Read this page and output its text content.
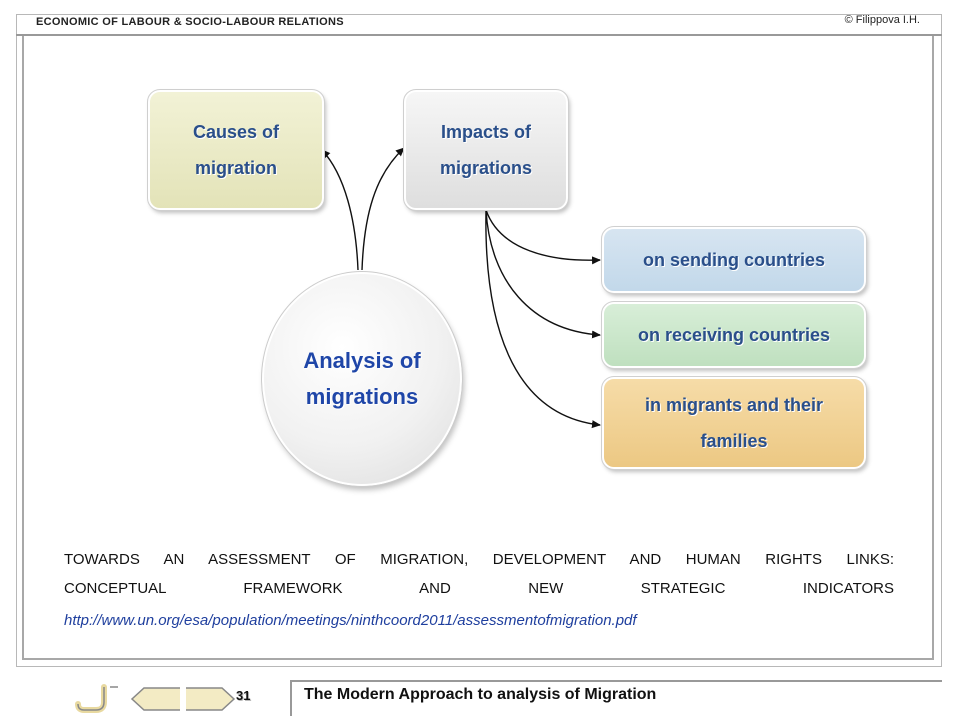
ECONOMIC OF LABOUR & SOCIO-LABOUR RELATIONS	© Filippova I.H.
Causes of
migration
Impacts of
migrations
on sending countries
on receiving countries
in migrants and their
families
Analysis of migrations
TOWARDS AN ASSESSMENT OF MIGRATION, DEVELOPMENT AND HUMAN RIGHTS LINKS:
CONCEPTUAL FRAMEWORK AND NEW STRATEGIC INDICATORS
http://www.un.org/esa/population/meetings/ninthcoord2011/assessmentofmigration.pdf
31	The Modern Approach to analysis of Migration
